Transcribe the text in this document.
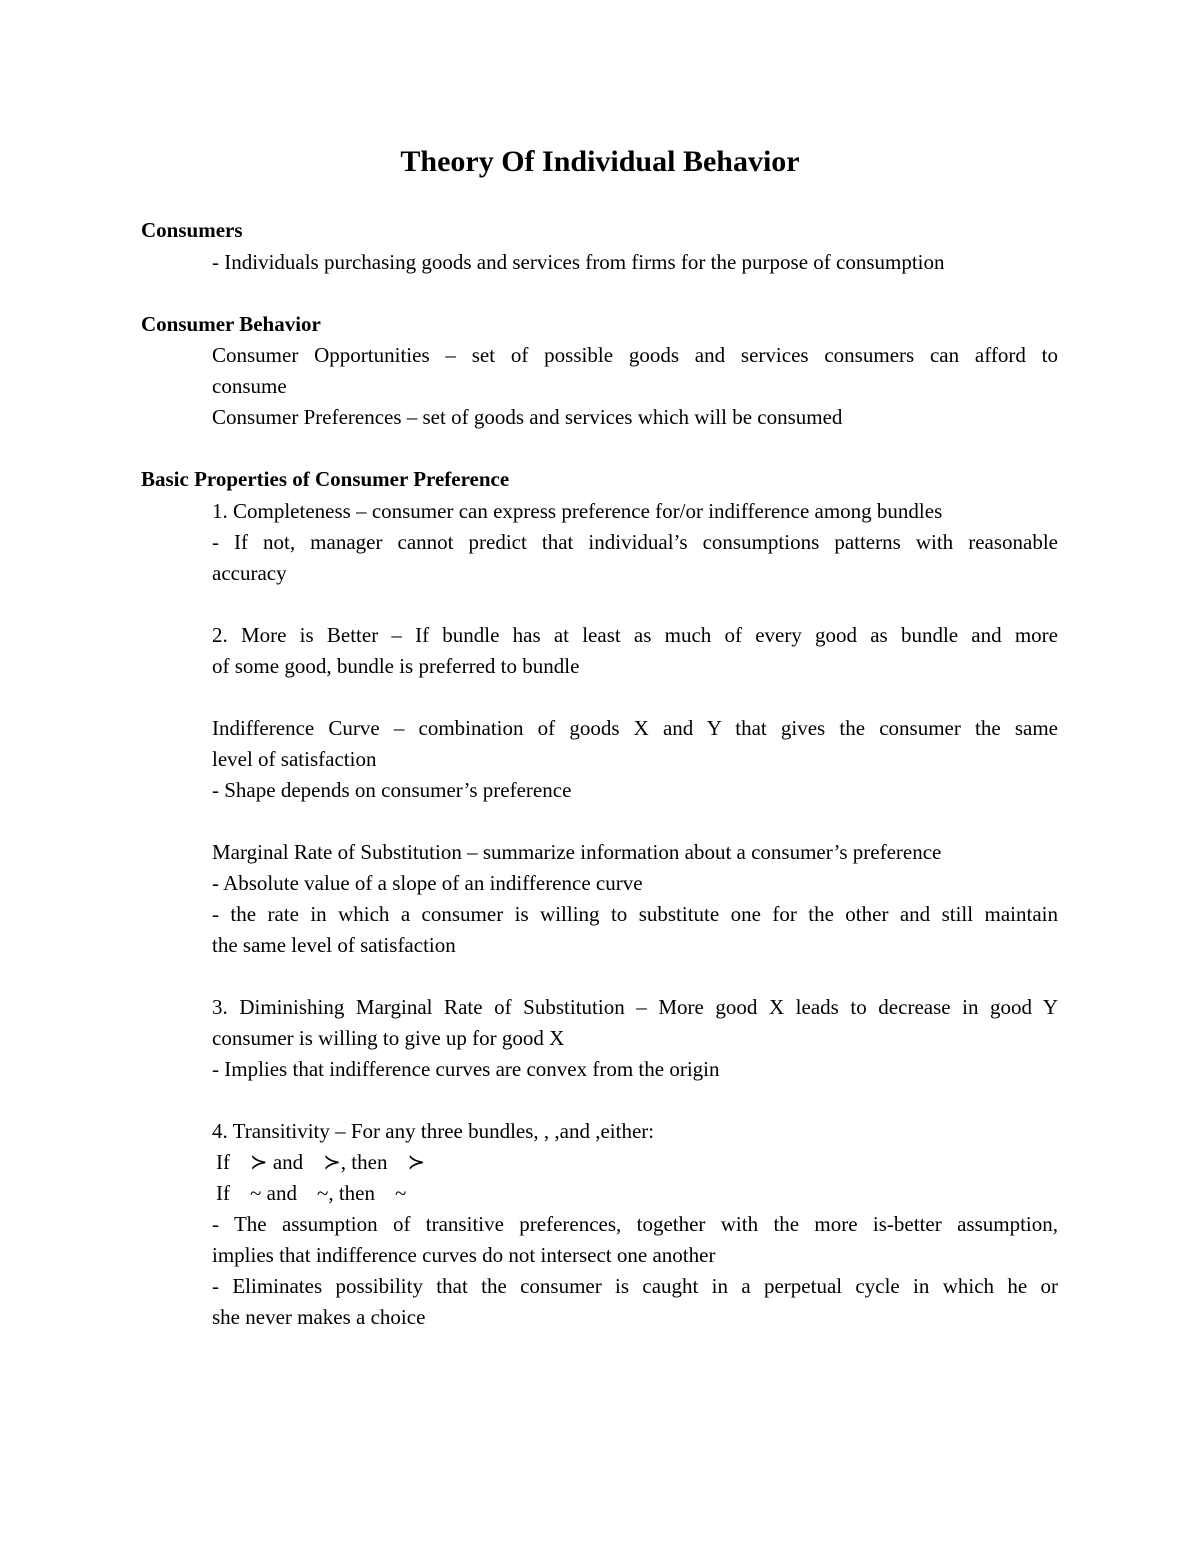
Theory Of Individual Behavior

Consumers

- Individuals purchasing goods and services from firms for the purpose of consumption

Consumer Behavior

Consumer Opportunities – set of possible goods and services consumers can afford to

consume

Consumer Preferences – set of goods and services which will be consumed

Basic Properties of Consumer Preference

1. Completeness – consumer can express preference for/or indifference among bundles

- If not, manager cannot predict that individual’s consumptions patterns with reasonable

accuracy

2. More is Better – If bundle has at least as much of every good as bundle and more

of some good, bundle is preferred to bundle

Indifference Curve – combination of goods X and Y that gives the consumer the same

level of satisfaction

- Shape depends on consumer’s preference

Marginal Rate of Substitution – summarize information about a consumer’s preference

- Absolute value of a slope of an indifference curve

- the rate in which a consumer is willing to substitute one for the other and still maintain

the same level of satisfaction

3. Diminishing Marginal Rate of Substitution – More good X leads to decrease in good Y

consumer is willing to give up for good X

- Implies that indifference curves are convex from the origin

4. Transitivity – For any three bundles, , ,and ,either:

If ≻ and ≻, then ≻

If ~ and ~, then ~

- The assumption of transitive preferences, together with the more is-better assumption,

implies that indifference curves do not intersect one another

- Eliminates possibility that the consumer is caught in a perpetual cycle in which he or

she never makes a choice
